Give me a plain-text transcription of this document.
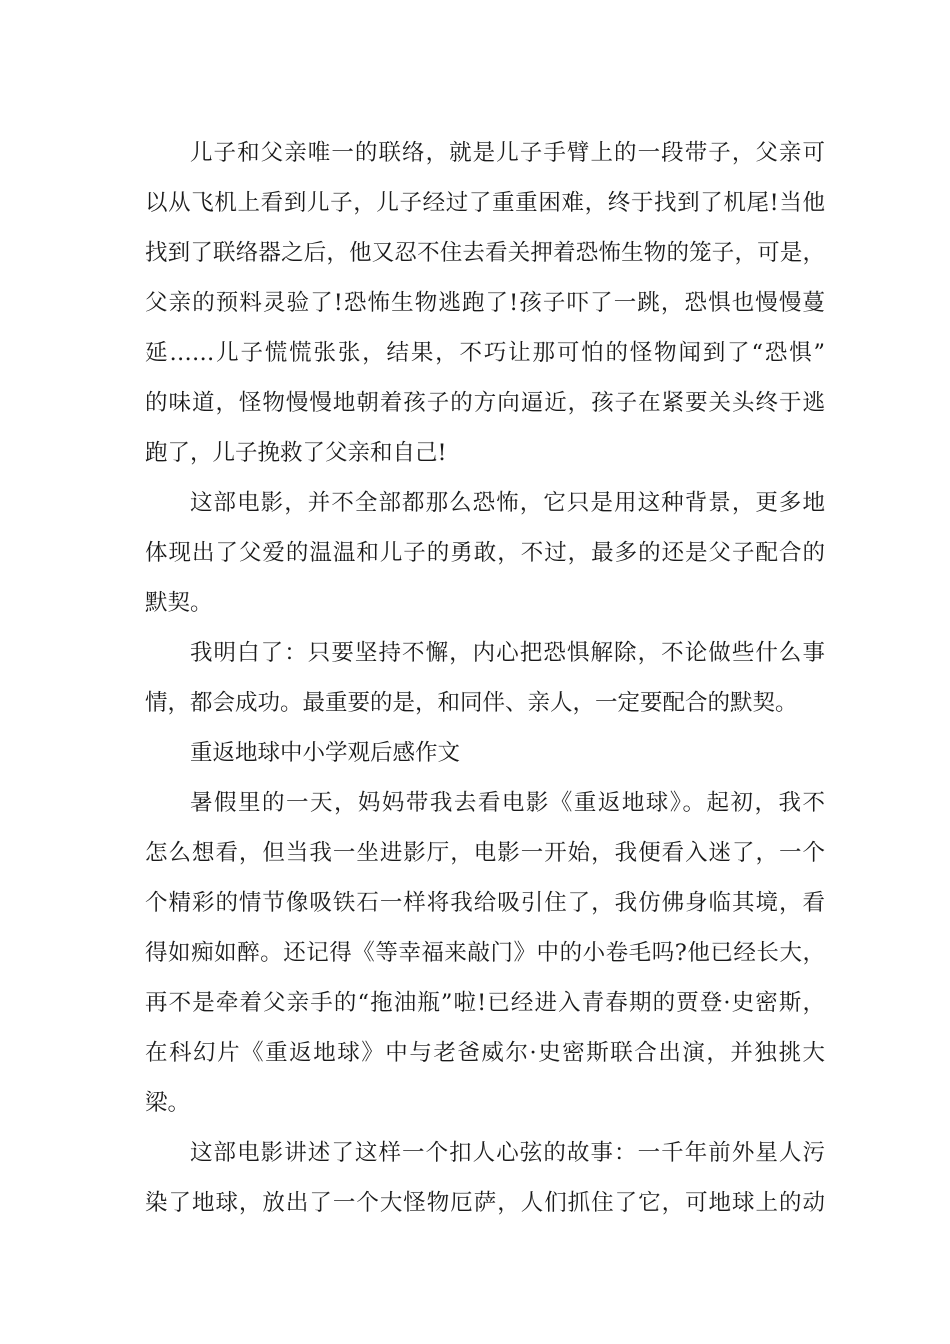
儿子和父亲唯一的联络，就是儿子手臂上的一段带子，父亲可
以从飞机上看到儿子，儿子经过了重重困难，终于找到了机尾!当他
找到了联络器之后，他又忍不住去看关押着恐怖生物的笼子，可是，
父亲的预料灵验了!恐怖生物逃跑了!孩子吓了一跳，恐惧也慢慢蔓
延……儿子慌慌张张，结果，不巧让那可怕的怪物闻到了“恐惧”
的味道，怪物慢慢地朝着孩子的方向逼近，孩子在紧要关头终于逃
跑了，儿子挽救了父亲和自己!
这部电影，并不全部都那么恐怖，它只是用这种背景，更多地
体现出了父爱的温温和儿子的勇敢，不过，最多的还是父子配合的
默契。
我明白了：只要坚持不懈，内心把恐惧解除，不论做些什么事
情，都会成功。最重要的是，和同伴、亲人，一定要配合的默契。
重返地球中小学观后感作文
暑假里的一天，妈妈带我去看电影《重返地球》。起初，我不
怎么想看，但当我一坐进影厅，电影一开始，我便看入迷了，一个
个精彩的情节像吸铁石一样将我给吸引住了，我仿佛身临其境，看
得如痴如醉。还记得《等幸福来敲门》中的小卷毛吗?他已经长大，
再不是牵着父亲手的“拖油瓶”啦!已经进入青春期的贾登·史密斯，
在科幻片《重返地球》中与老爸威尔·史密斯联合出演，并独挑大
梁。
这部电影讲述了这样一个扣人心弦的故事：一千年前外星人污
染了地球，放出了一个大怪物厄萨，人们抓住了它，可地球上的动
